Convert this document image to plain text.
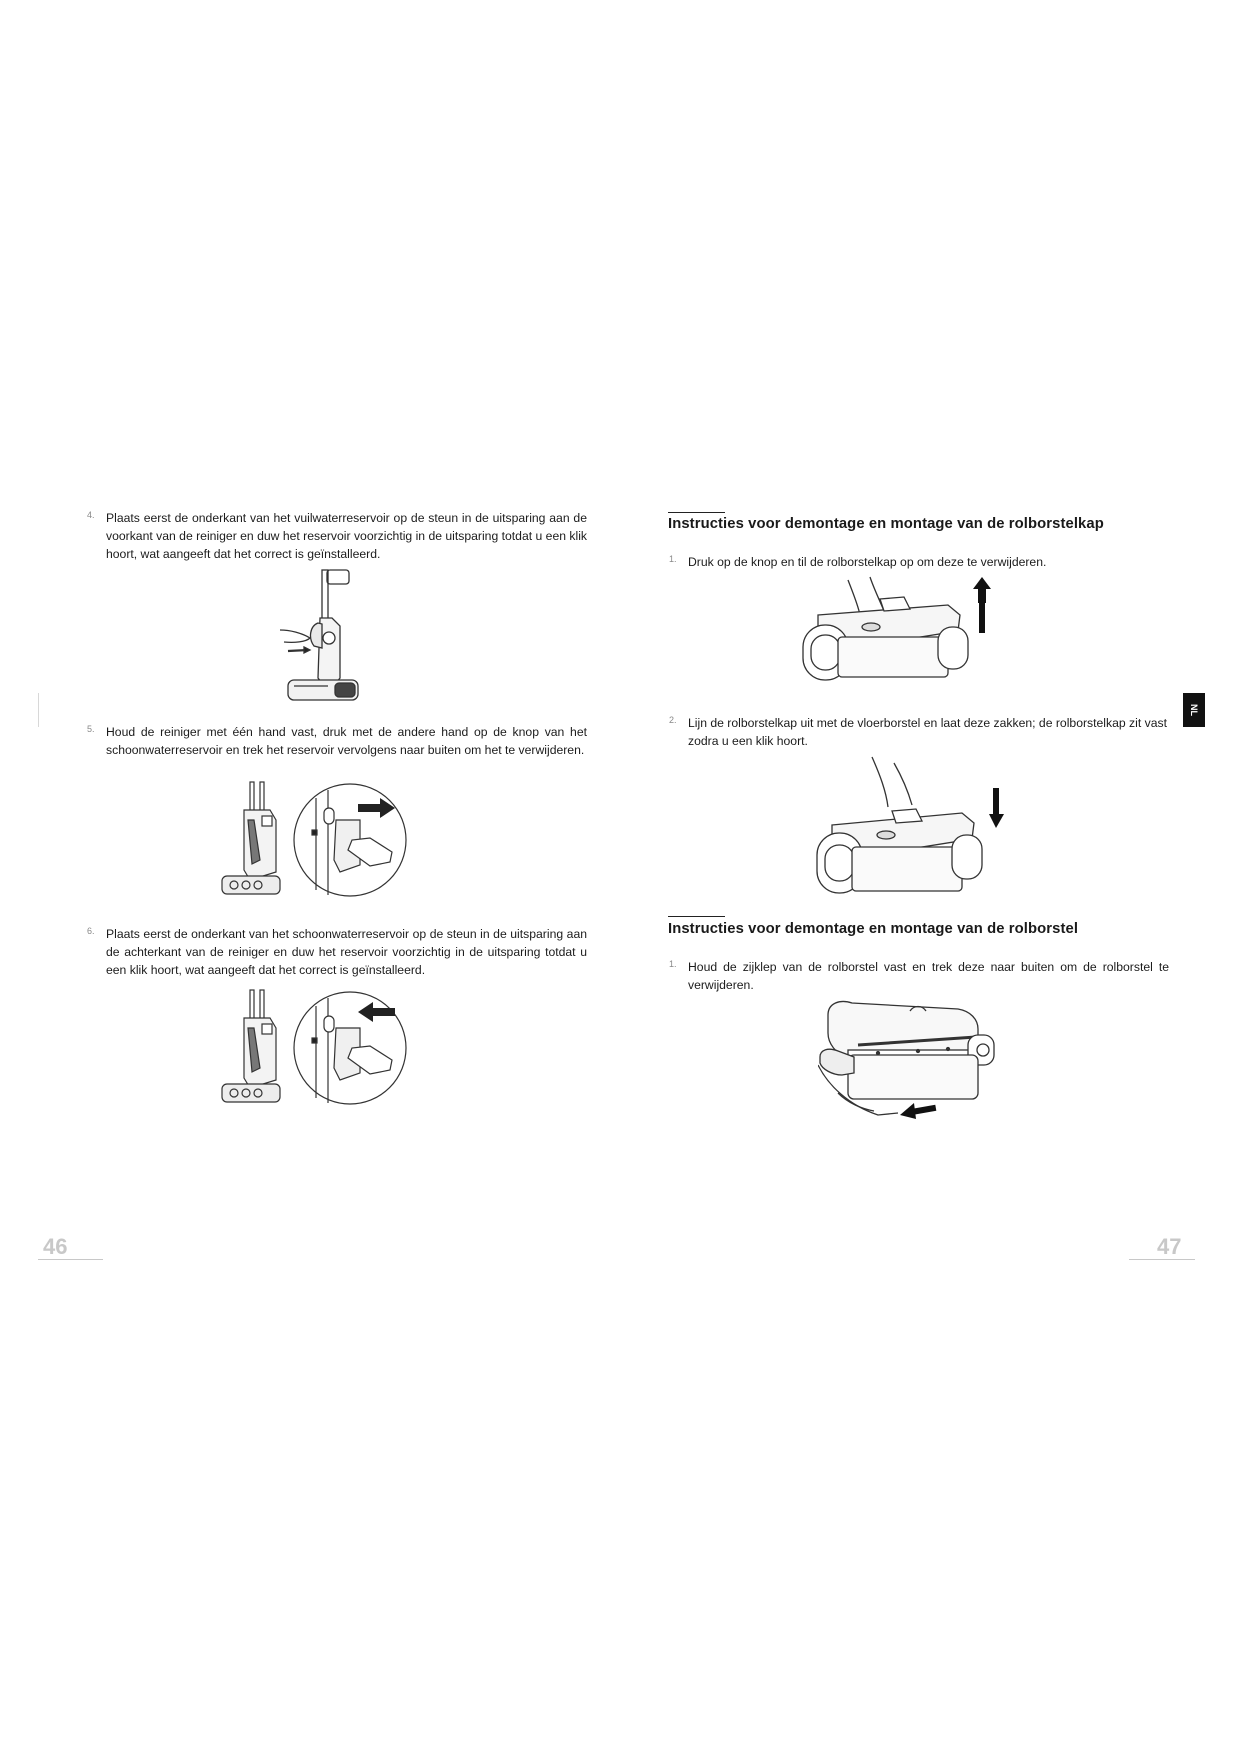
4. Plaats eerst de onderkant van het vuilwaterreservoir op de steun in de uitsparing aan de voorkant van de reiniger en duw het reservoir voorzichtig in de uitsparing totdat u een klik hoort, wat aangeeft dat het correct is geïnstalleerd.
5. Houd de reiniger met één hand vast, druk met de andere hand op de knop van het schoonwaterreservoir en trek het reservoir vervolgens naar buiten om het te verwijderen.
6. Plaats eerst de onderkant van het schoonwaterreservoir op de steun in de uitsparing aan de achterkant van de reiniger en duw het reservoir voorzichtig in de uitsparing totdat u een klik hoort, wat aangeeft dat het correct is geïnstalleerd.
46
Instructies voor demontage en montage van de rolborstelkap
1. Druk op de knop en til de rolborstelkap op om deze te verwijderen.
2. Lijn de rolborstelkap uit met de vloerborstel en laat deze zakken; de rolborstelkap zit vast zodra u een klik hoort.
Instructies voor demontage en montage van de rolborstel
1. Houd de zijklep van de rolborstel vast en trek deze naar buiten om de rolborstel te verwijderen.
NL
47
